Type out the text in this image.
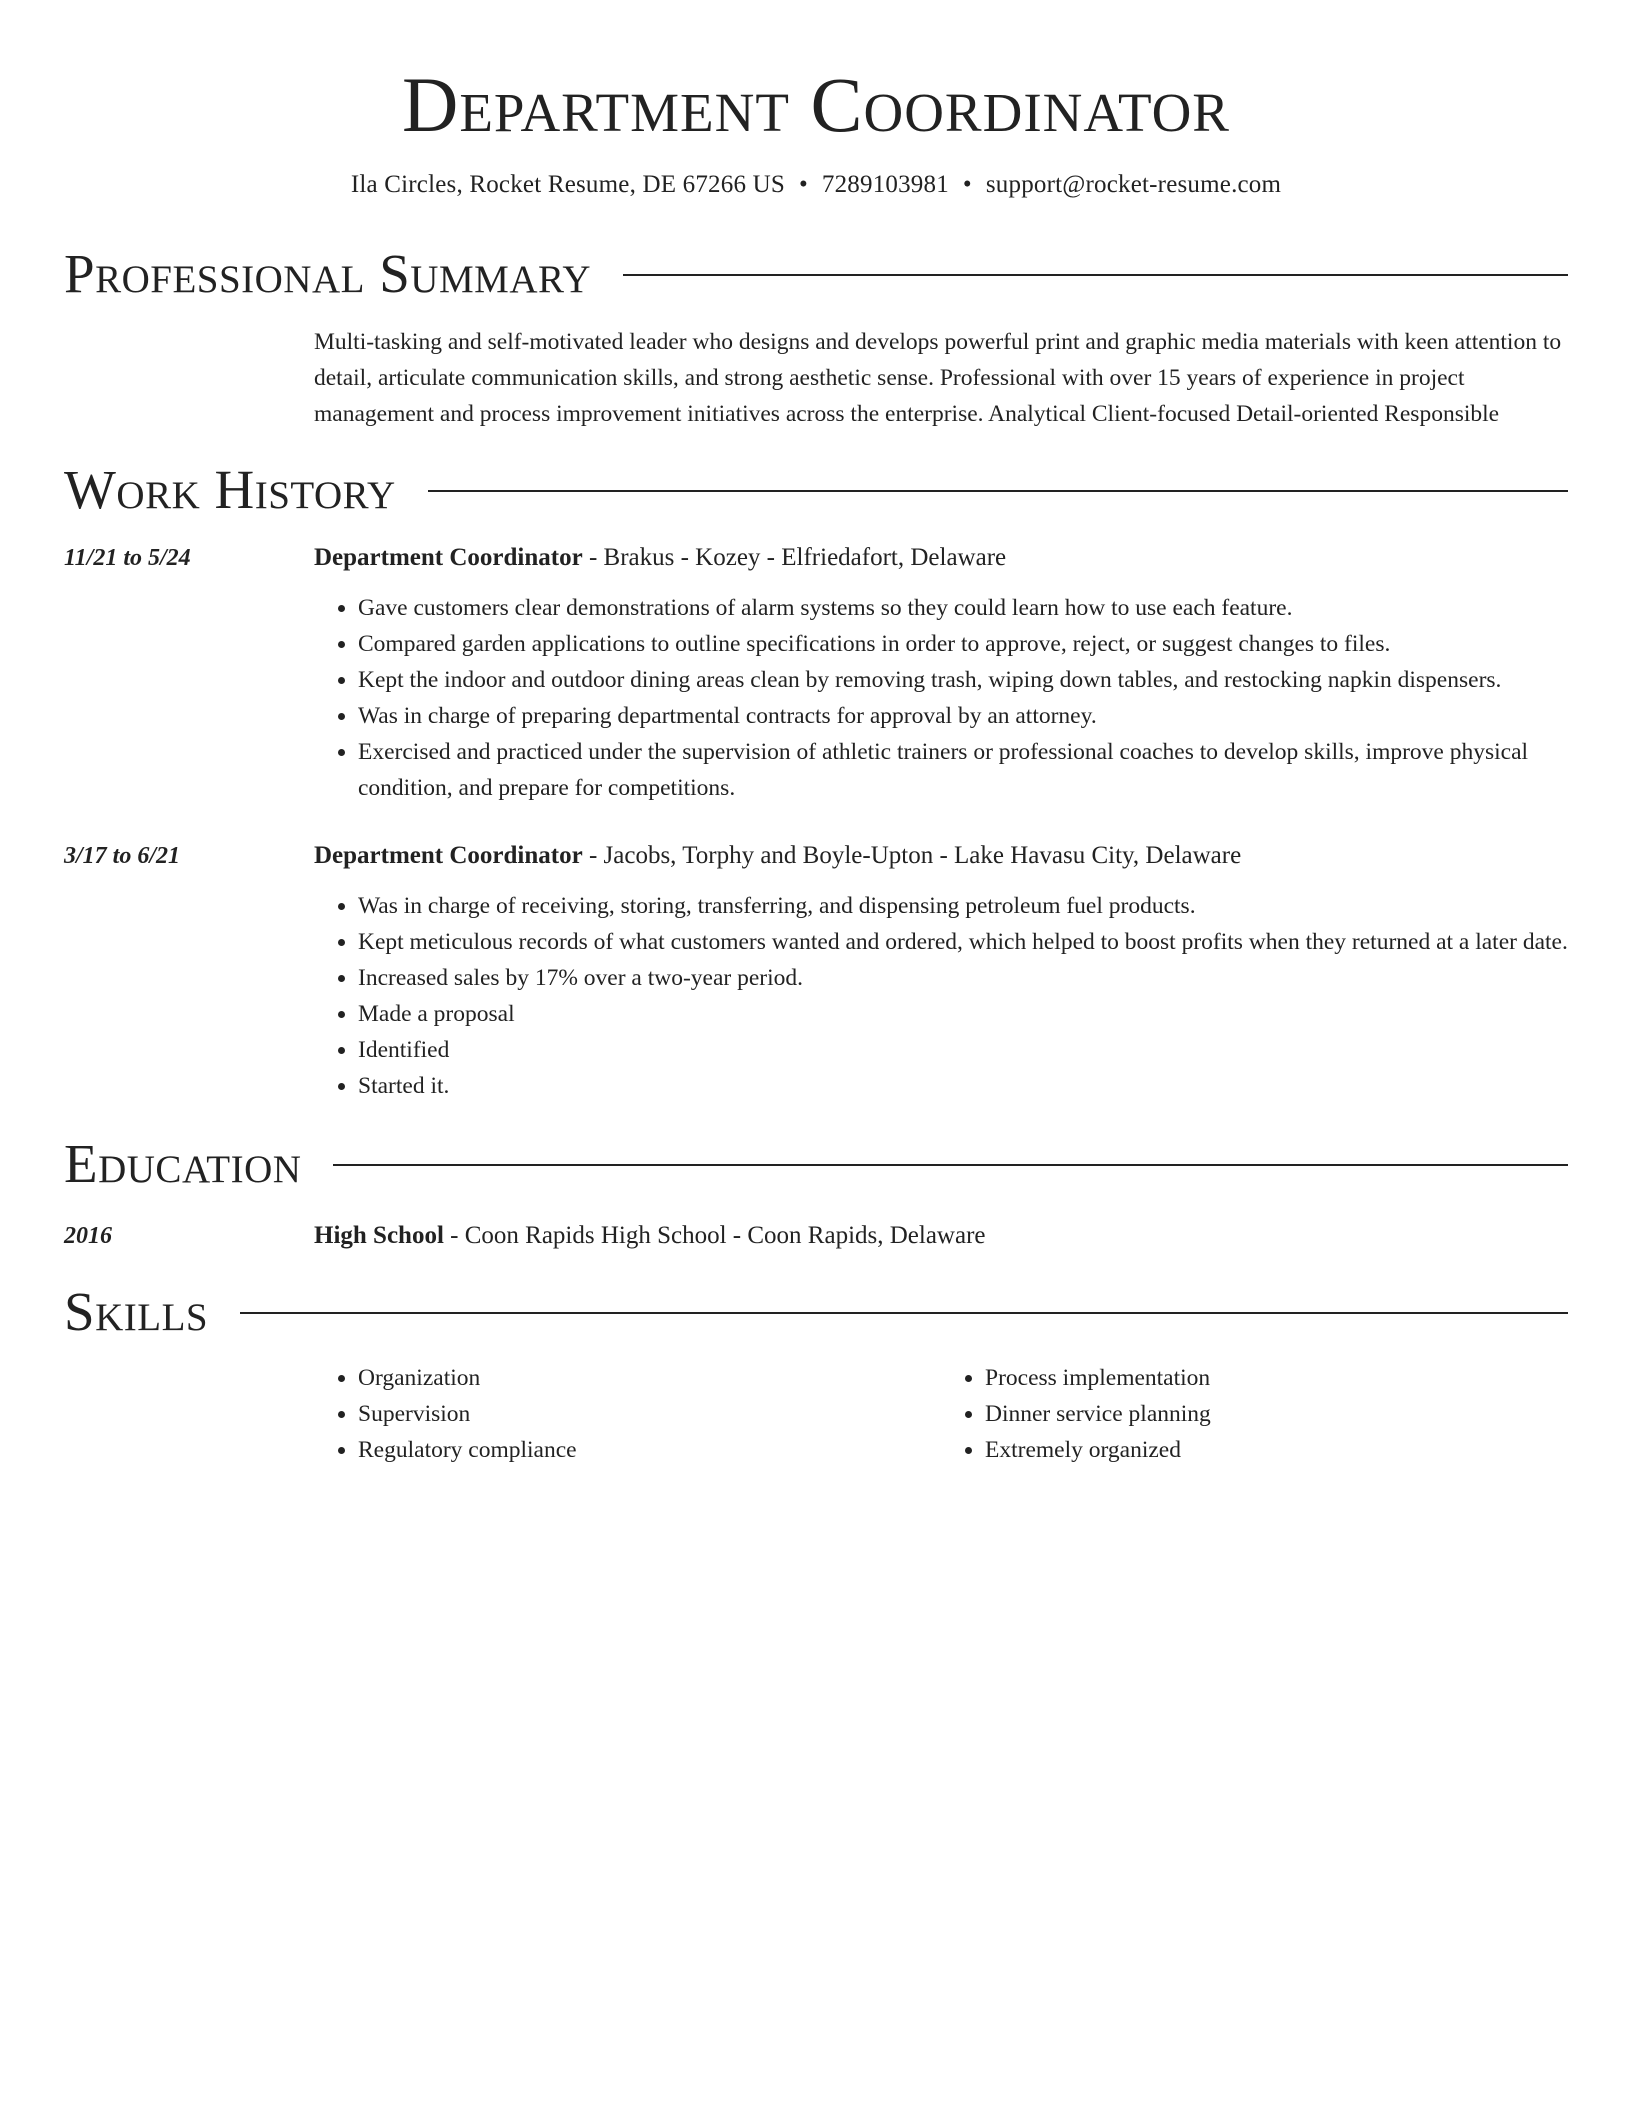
Department Coordinator
Ila Circles, Rocket Resume, DE 67266 US • 7289103981 • support@rocket-resume.com
Professional Summary
Multi-tasking and self-motivated leader who designs and develops powerful print and graphic media materials with keen attention to detail, articulate communication skills, and strong aesthetic sense. Professional with over 15 years of experience in project management and process improvement initiatives across the enterprise. Analytical Client-focused Detail-oriented Responsible
Work History
11/21 to 5/24	Department Coordinator - Brakus - Kozey - Elfriedafort, Delaware
• Gave customers clear demonstrations of alarm systems so they could learn how to use each feature.
• Compared garden applications to outline specifications in order to approve, reject, or suggest changes to files.
• Kept the indoor and outdoor dining areas clean by removing trash, wiping down tables, and restocking napkin dispensers.
• Was in charge of preparing departmental contracts for approval by an attorney.
• Exercised and practiced under the supervision of athletic trainers or professional coaches to develop skills, improve physical condition, and prepare for competitions.
3/17 to 6/21	Department Coordinator - Jacobs, Torphy and Boyle-Upton - Lake Havasu City, Delaware
• Was in charge of receiving, storing, transferring, and dispensing petroleum fuel products.
• Kept meticulous records of what customers wanted and ordered, which helped to boost profits when they returned at a later date.
• Increased sales by 17% over a two-year period.
• Made a proposal
• Identified
• Started it.
Education
2016	High School - Coon Rapids High School - Coon Rapids, Delaware
Skills
• Organization
• Supervision
• Regulatory compliance
• Process implementation
• Dinner service planning
• Extremely organized
